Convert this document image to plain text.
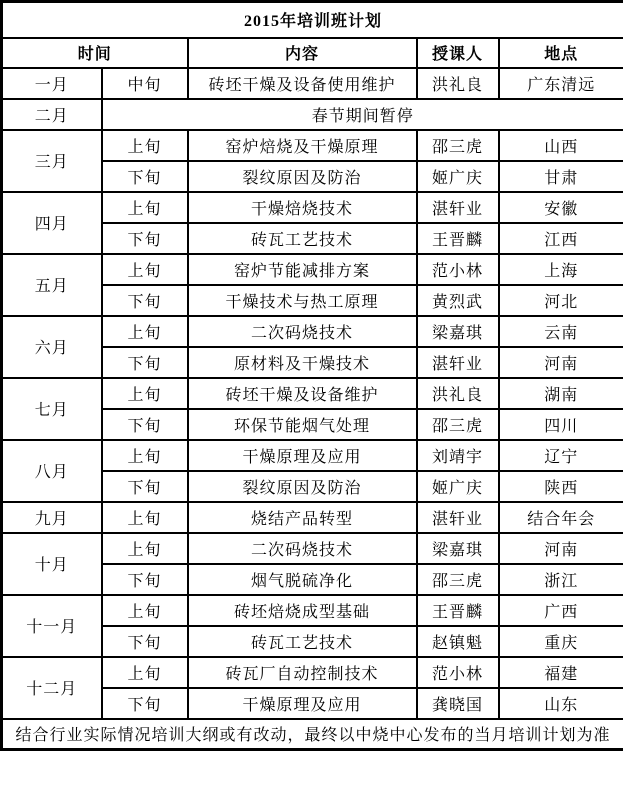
2015年培训班计划				
时间		内容	授课人	地点
一月	中旬	砖坯干燥及设备使用维护	洪礼良	广东清远
二月	春节期间暂停			
三月	上旬	窑炉焙烧及干燥原理	邵三虎	山西
	下旬	裂纹原因及防治	姬广庆	甘肃
四月	上旬	干燥焙烧技术	湛轩业	安徽
	下旬	砖瓦工艺技术	王晋麟	江西
五月	上旬	窑炉节能减排方案	范小林	上海
	下旬	干燥技术与热工原理	黄烈武	河北
六月	上旬	二次码烧技术	梁嘉琪	云南
	下旬	原材料及干燥技术	湛轩业	河南
七月	上旬	砖坯干燥及设备维护	洪礼良	湖南
	下旬	环保节能烟气处理	邵三虎	四川
八月	上旬	干燥原理及应用	刘靖宇	辽宁
	下旬	裂纹原因及防治	姬广庆	陕西
九月	上旬	烧结产品转型	湛轩业	结合年会
十月	上旬	二次码烧技术	梁嘉琪	河南
	下旬	烟气脱硫净化	邵三虎	浙江
十一月	上旬	砖坯焙烧成型基础	王晋麟	广西
	下旬	砖瓦工艺技术	赵镇魁	重庆
十二月	上旬	砖瓦厂自动控制技术	范小林	福建
	下旬	干燥原理及应用	龚晓国	山东
结合行业实际情况培训大纲或有改动，最终以中烧中心发布的当月培训计划为准				
